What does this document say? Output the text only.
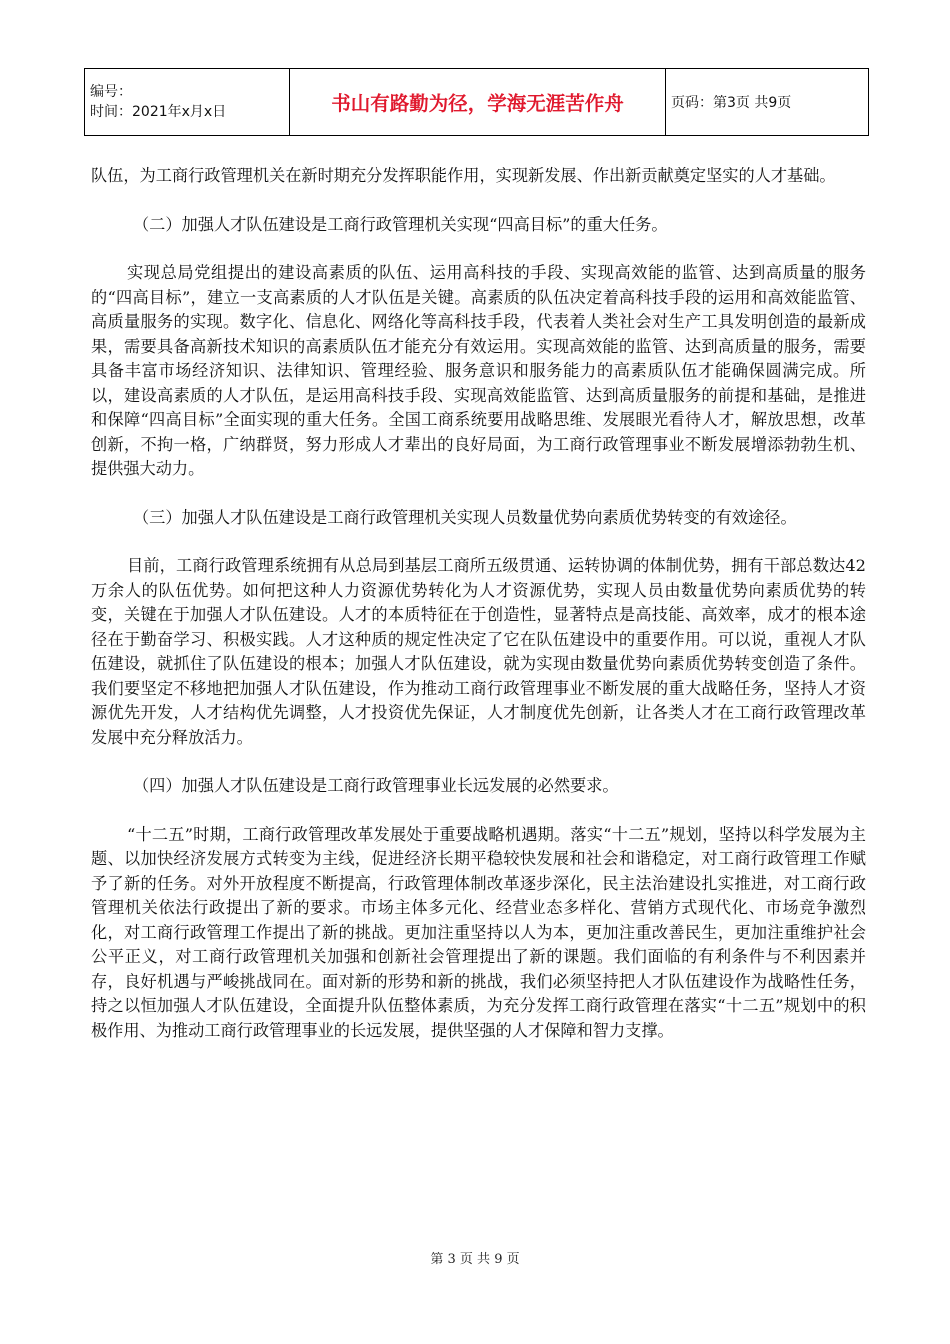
编号：
时间：2021年x月x日	书山有路勤为径，学海无涯苦作舟	页码：第3页 共9页

队伍，为工商行政管理机关在新时期充分发挥职能作用，实现新发展、作出新贡献奠定坚实的人才基础。

（二）加强人才队伍建设是工商行政管理机关实现“四高目标”的重大任务。

实现总局党组提出的建设高素质的队伍、运用高科技的手段、实现高效能的监管、达到高质量的服务的“四高目标”，建立一支高素质的人才队伍是关键。高素质的队伍决定着高科技手段的运用和高效能监管、高质量服务的实现。数字化、信息化、网络化等高科技手段，代表着人类社会对生产工具发明创造的最新成果，需要具备高新技术知识的高素质队伍才能充分有效运用。实现高效能的监管、达到高质量的服务，需要具备丰富市场经济知识、法律知识、管理经验、服务意识和服务能力的高素质队伍才能确保圆满完成。所以，建设高素质的人才队伍，是运用高科技手段、实现高效能监管、达到高质量服务的前提和基础，是推进和保障“四高目标”全面实现的重大任务。全国工商系统要用战略思维、发展眼光看待人才，解放思想，改革创新，不拘一格，广纳群贤，努力形成人才辈出的良好局面，为工商行政管理事业不断发展增添勃勃生机、提供强大动力。

（三）加强人才队伍建设是工商行政管理机关实现人员数量优势向素质优势转变的有效途径。

目前，工商行政管理系统拥有从总局到基层工商所五级贯通、运转协调的体制优势，拥有干部总数达42万余人的队伍优势。如何把这种人力资源优势转化为人才资源优势，实现人员由数量优势向素质优势的转变，关键在于加强人才队伍建设。人才的本质特征在于创造性，显著特点是高技能、高效率，成才的根本途径在于勤奋学习、积极实践。人才这种质的规定性决定了它在队伍建设中的重要作用。可以说，重视人才队伍建设，就抓住了队伍建设的根本；加强人才队伍建设，就为实现由数量优势向素质优势转变创造了条件。我们要坚定不移地把加强人才队伍建设，作为推动工商行政管理事业不断发展的重大战略任务，坚持人才资源优先开发，人才结构优先调整，人才投资优先保证，人才制度优先创新，让各类人才在工商行政管理改革发展中充分释放活力。

（四）加强人才队伍建设是工商行政管理事业长远发展的必然要求。

“十二五”时期，工商行政管理改革发展处于重要战略机遇期。落实“十二五”规划，坚持以科学发展为主题、以加快经济发展方式转变为主线，促进经济长期平稳较快发展和社会和谐稳定，对工商行政管理工作赋予了新的任务。对外开放程度不断提高，行政管理体制改革逐步深化，民主法治建设扎实推进，对工商行政管理机关依法行政提出了新的要求。市场主体多元化、经营业态多样化、营销方式现代化、市场竞争激烈化，对工商行政管理工作提出了新的挑战。更加注重坚持以人为本，更加注重改善民生，更加注重维护社会公平正义，对工商行政管理机关加强和创新社会管理提出了新的课题。我们面临的有利条件与不利因素并存，良好机遇与严峻挑战同在。面对新的形势和新的挑战，我们必须坚持把人才队伍建设作为战略性任务，持之以恒加强人才队伍建设，全面提升队伍整体素质，为充分发挥工商行政管理在落实“十二五”规划中的积极作用、为推动工商行政管理事业的长远发展，提供坚强的人才保障和智力支撑。

第 3 页 共 9 页
